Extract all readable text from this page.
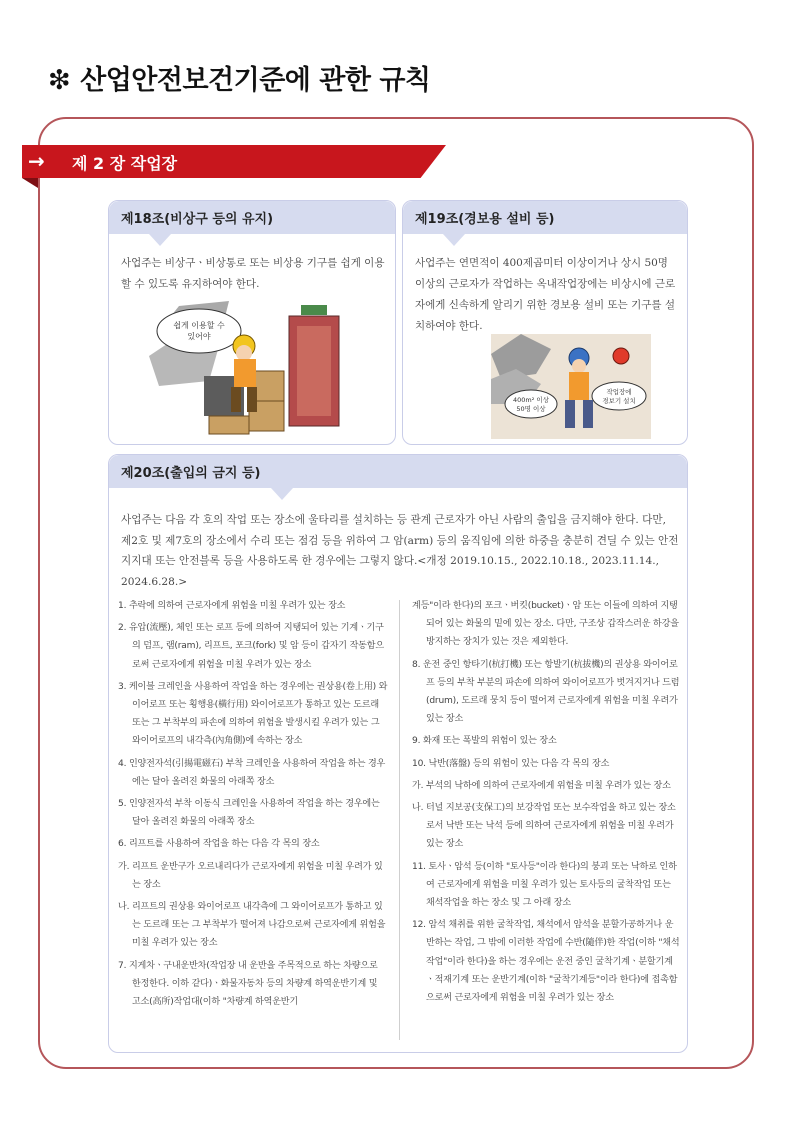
❇ 산업안전보건기준에 관한 규칙
→ 제 2 장 작업장
제18조(비상구 등의 유지)
사업주는 비상구ㆍ비상통로 또는 비상용 기구를 쉽게 이용할 수 있도록 유지하여야 한다.
쉽게 이용할 수
있어야
제19조(경보용 설비 등)
사업주는 연면적이 400제곱미터 이상이거나 상시 50명 이상의 근로자가 작업하는 옥내작업장에는 비상시에 근로자에게 신속하게 알리기 위한 경보용 설비 또는 기구를 설치하여야 한다.
400m² 이상
50명 이상
작업장에
경보기 설치
제20조(출입의 금지 등)
사업주는 다음 각 호의 작업 또는 장소에 울타리를 설치하는 등 관계 근로자가 아닌 사람의 출입을 금지해야 한다. 다만, 제2호 및 제7호의 장소에서 수리 또는 점검 등을 위하여 그 암(arm) 등의 움직임에 의한 하중을 충분히 견딜 수 있는 안전지지대 또는 안전블록 등을 사용하도록 한 경우에는 그렇지 않다.<개정 2019.10.15., 2022.10.18., 2023.11.14., 2024.6.28.>

1. 추락에 의하여 근로자에게 위험을 미칠 우려가 있는 장소

2. 유압(流壓), 체인 또는 로프 등에 의하여 지탱되어 있는 기계ㆍ기구의 덤프, 램(ram), 리프트, 포크(fork) 및 암 등이 갑자기 작동함으로써 근로자에게 위험을 미칠 우려가 있는 장소

3. 케이블 크레인을 사용하여 작업을 하는 경우에는 권상용(卷上用) 와이어로프 또는 횡행용(橫行用) 와이어로프가 통하고 있는 도르래 또는 그 부착부의 파손에 의하여 위험을 발생시킬 우려가 있는 그 와이어로프의 내각측(內角側)에 속하는 장소

4. 인양전자석(引揚電磁石) 부착 크레인을 사용하여 작업을 하는 경우에는 달아 올려진 화물의 아래쪽 장소

5. 인양전자석 부착 이동식 크레인을 사용하여 작업을 하는 경우에는 달아 올려진 화물의 아래쪽 장소

6. 리프트를 사용하여 작업을 하는 다음 각 목의 장소

가. 리프트 운반구가 오르내리다가 근로자에게 위험을 미칠 우려가 있는 장소

나. 리프트의 권상용 와이어로프 내각측에 그 와이어로프가 통하고 있는 도르래 또는 그 부착부가 떨어져 나감으로써 근로자에게 위험을 미칠 우려가 있는 장소

7. 지게차ㆍ구내운반차(작업장 내 운반을 주목적으로 하는 차량으로 한정한다. 이하 같다)ㆍ화물자동차 등의 차량계 하역운반기계 및 고소(高所)작업대(이하 "차량계 하역운반기

계등"이라 한다)의 포크ㆍ버킷(bucket)ㆍ암 또는 이들에 의하여 지탱되어 있는 화물의 밑에 있는 장소. 다만, 구조상 갑작스러운 하강을 방지하는 장치가 있는 것은 제외한다.

8. 운전 중인 항타기(杭打機) 또는 항발기(杭拔機)의 권상용 와이어로프 등의 부착 부분의 파손에 의하여 와이어로프가 벗겨지거나 드럼(drum), 도르래 뭉치 등이 떨어져 근로자에게 위험을 미칠 우려가 있는 장소

9. 화재 또는 폭발의 위험이 있는 장소

10. 낙반(落盤) 등의 위험이 있는 다음 각 목의 장소

가. 부석의 낙하에 의하여 근로자에게 위험을 미칠 우려가 있는 장소

나. 터널 지보공(支保工)의 보강작업 또는 보수작업을 하고 있는 장소로서 낙반 또는 낙석 등에 의하여 근로자에게 위험을 미칠 우려가 있는 장소

11. 토사ㆍ암석 등(이하 "토사등"이라 한다)의 붕괴 또는 낙하로 인하여 근로자에게 위험을 미칠 우려가 있는 토사등의 굴착작업 또는 채석작업을 하는 장소 및 그 아래 장소

12. 암석 채취를 위한 굴착작업, 채석에서 암석을 분할가공하거나 운반하는 작업, 그 밖에 이러한 작업에 수반(隨伴)한 작업(이하 "채석작업"이라 한다)을 하는 경우에는 운전 중인 굴착기계ㆍ분할기계ㆍ적재기계 또는 운반기계(이하 "굴착기계등"이라 한다)에 접촉함으로써 근로자에게 위험을 미칠 우려가 있는 장소
